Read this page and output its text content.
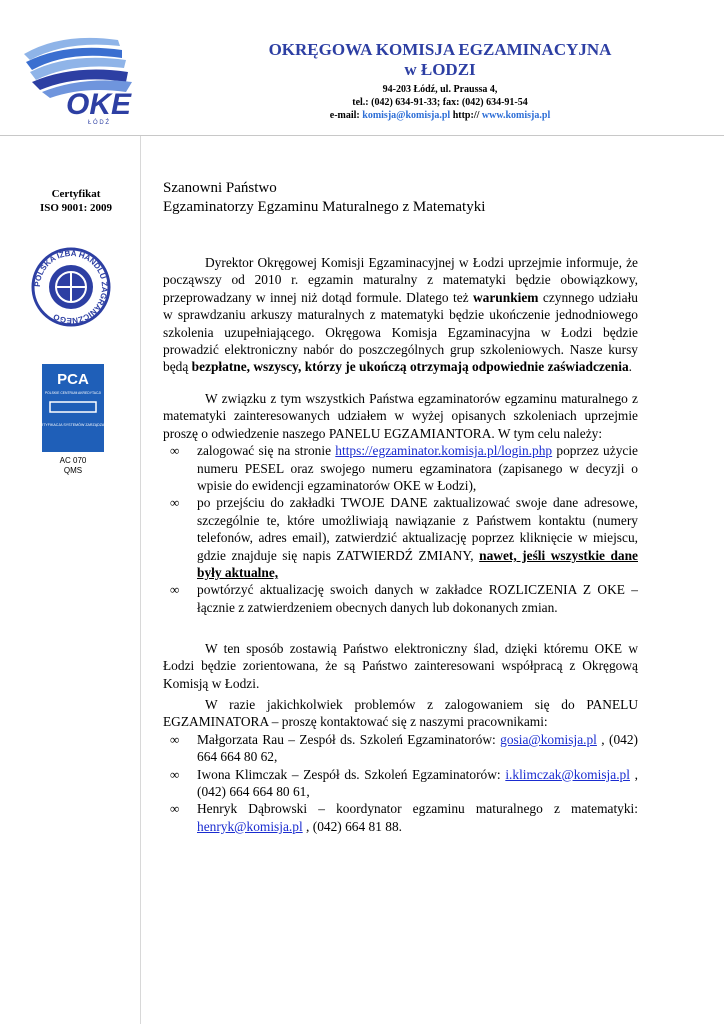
OKE
Ł Ó D Ź
OKRĘGOWA KOMISJA EGZAMINACYJNA
w ŁODZI
94-203 Łódź, ul. Praussa 4,
tel.: (042) 634-91-33; fax: (042) 634-91-54
e-mail: komisja@komisja.pl http:// www.komisja.pl
Certyfikat
ISO 9001: 2009
POLSKA IZBA HANDLU ZAGRANICZNEGO
PCA
POLSKIE CENTRUM AKREDYTACJI
CERTYFIKACJA SYSTEMÓW ZARZĄDZANIA
AC 070
QMS
Szanowni Państwo
Egzaminatorzy Egzaminu Maturalnego z Matematyki

Dyrektor Okręgowej Komisji Egzaminacyjnej w Łodzi uprzejmie informuje, że począwszy od 2010 r. egzamin maturalny z matematyki będzie obowiązkowy, przeprowadzany w innej niż dotąd formule. Dlatego też warunkiem czynnego udziału w sprawdzaniu arkuszy maturalnych z matematyki będzie ukończenie jednodniowego szkolenia uzupełniającego. Okręgowa Komisja Egzaminacyjna w Łodzi będzie prowadzić elektroniczny nabór do poszczególnych grup szkoleniowych. Nasze kursy będą bezpłatne, wszyscy, którzy je ukończą otrzymają odpowiednie zaświadczenia.

W związku z tym wszystkich Państwa egzaminatorów egzaminu maturalnego z matematyki zainteresowanych udziałem w wyżej opisanych szkoleniach uprzejmie proszę o odwiedzenie naszego PANELU EGZAMIANTORA. W tym celu należy:

∞ zalogować się na stronie https://egzaminator.komisja.pl/login.php poprzez użycie numeru PESEL oraz swojego numeru egzaminatora (zapisanego w decyzji o wpisie do ewidencji egzaminatorów OKE w Łodzi),
∞ po przejściu do zakładki TWOJE DANE zaktualizować swoje dane adresowe, szczególnie te, które umożliwiają nawiązanie z Państwem kontaktu (numery telefonów, adres email), zatwierdzić aktualizację poprzez kliknięcie w miejscu, gdzie znajduje się napis ZATWIERDŹ ZMIANY, nawet, jeśli wszystkie dane były aktualne,
∞ powtórzyć aktualizację swoich danych w zakładce ROZLICZENIA Z OKE – łącznie z zatwierdzeniem obecnych danych lub dokonanych zmian.

W ten sposób zostawią Państwo elektroniczny ślad, dzięki któremu OKE w Łodzi będzie zorientowana, że są Państwo zainteresowani współpracą z Okręgową Komisją w Łodzi.

W razie jakichkolwiek problemów z zalogowaniem się do PANELU EGZAMINATORA – proszę kontaktować się z naszymi pracownikami:

∞ Małgorzata Rau – Zespół ds. Szkoleń Egzaminatorów: gosia@komisja.pl , (042) 664 664 80 62,
∞ Iwona Klimczak – Zespół ds. Szkoleń Egzaminatorów: i.klimczak@komisja.pl , (042) 664 664 80 61,
∞ Henryk Dąbrowski – koordynator egzaminu maturalnego z matematyki: henryk@komisja.pl , (042) 664 81 88.
